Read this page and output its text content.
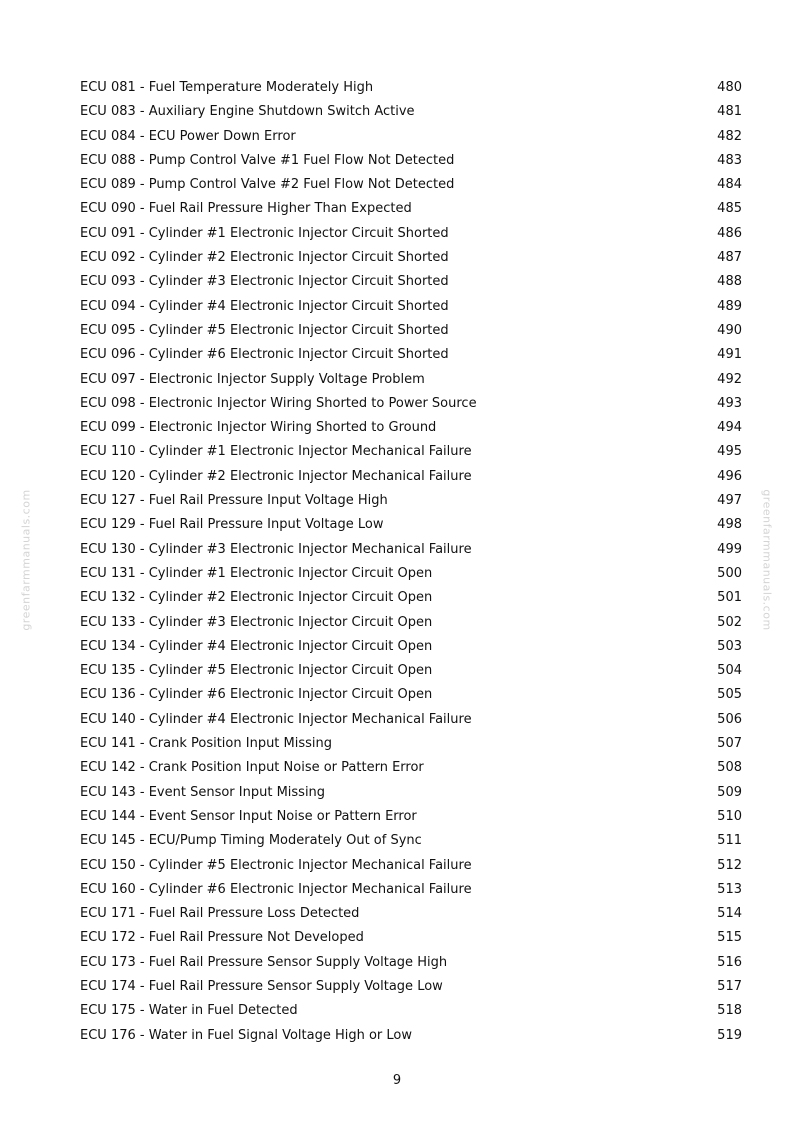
greenfarmmanuals.com	greenfarmmanuals.com
ECU 081 - Fuel Temperature Moderately High	480
ECU 083 - Auxiliary Engine Shutdown Switch Active	481
ECU 084 - ECU Power Down Error	482
ECU 088 - Pump Control Valve #1 Fuel Flow Not Detected	483
ECU 089 - Pump Control Valve #2 Fuel Flow Not Detected	484
ECU 090 - Fuel Rail Pressure Higher Than Expected	485
ECU 091 - Cylinder #1 Electronic Injector Circuit Shorted	486
ECU 092 - Cylinder #2 Electronic Injector Circuit Shorted	487
ECU 093 - Cylinder #3 Electronic Injector Circuit Shorted	488
ECU 094 - Cylinder #4 Electronic Injector Circuit Shorted	489
ECU 095 - Cylinder #5 Electronic Injector Circuit Shorted	490
ECU 096 - Cylinder #6 Electronic Injector Circuit Shorted	491
ECU 097 - Electronic Injector Supply Voltage Problem	492
ECU 098 - Electronic Injector Wiring Shorted to Power Source	493
ECU 099 - Electronic Injector Wiring Shorted to Ground	494
ECU 110 - Cylinder #1 Electronic Injector Mechanical Failure	495
ECU 120 - Cylinder #2 Electronic Injector Mechanical Failure	496
ECU 127 - Fuel Rail Pressure Input Voltage High	497
ECU 129 - Fuel Rail Pressure Input Voltage Low	498
ECU 130 - Cylinder #3 Electronic Injector Mechanical Failure	499
ECU 131 - Cylinder #1 Electronic Injector Circuit Open	500
ECU 132 - Cylinder #2 Electronic Injector Circuit Open	501
ECU 133 - Cylinder #3 Electronic Injector Circuit Open	502
ECU 134 - Cylinder #4 Electronic Injector Circuit Open	503
ECU 135 - Cylinder #5 Electronic Injector Circuit Open	504
ECU 136 - Cylinder #6 Electronic Injector Circuit Open	505
ECU 140 - Cylinder #4 Electronic Injector Mechanical Failure	506
ECU 141 - Crank Position Input Missing	507
ECU 142 - Crank Position Input Noise or Pattern Error	508
ECU 143 - Event Sensor Input Missing	509
ECU 144 - Event Sensor Input Noise or Pattern Error	510
ECU 145 - ECU/Pump Timing Moderately Out of Sync	511
ECU 150 - Cylinder #5 Electronic Injector Mechanical Failure	512
ECU 160 - Cylinder #6 Electronic Injector Mechanical Failure	513
ECU 171 - Fuel Rail Pressure Loss Detected	514
ECU 172 - Fuel Rail Pressure Not Developed	515
ECU 173 - Fuel Rail Pressure Sensor Supply Voltage High	516
ECU 174 - Fuel Rail Pressure Sensor Supply Voltage Low	517
ECU 175 - Water in Fuel Detected	518
ECU 176 - Water in Fuel Signal Voltage High or Low	519
9
